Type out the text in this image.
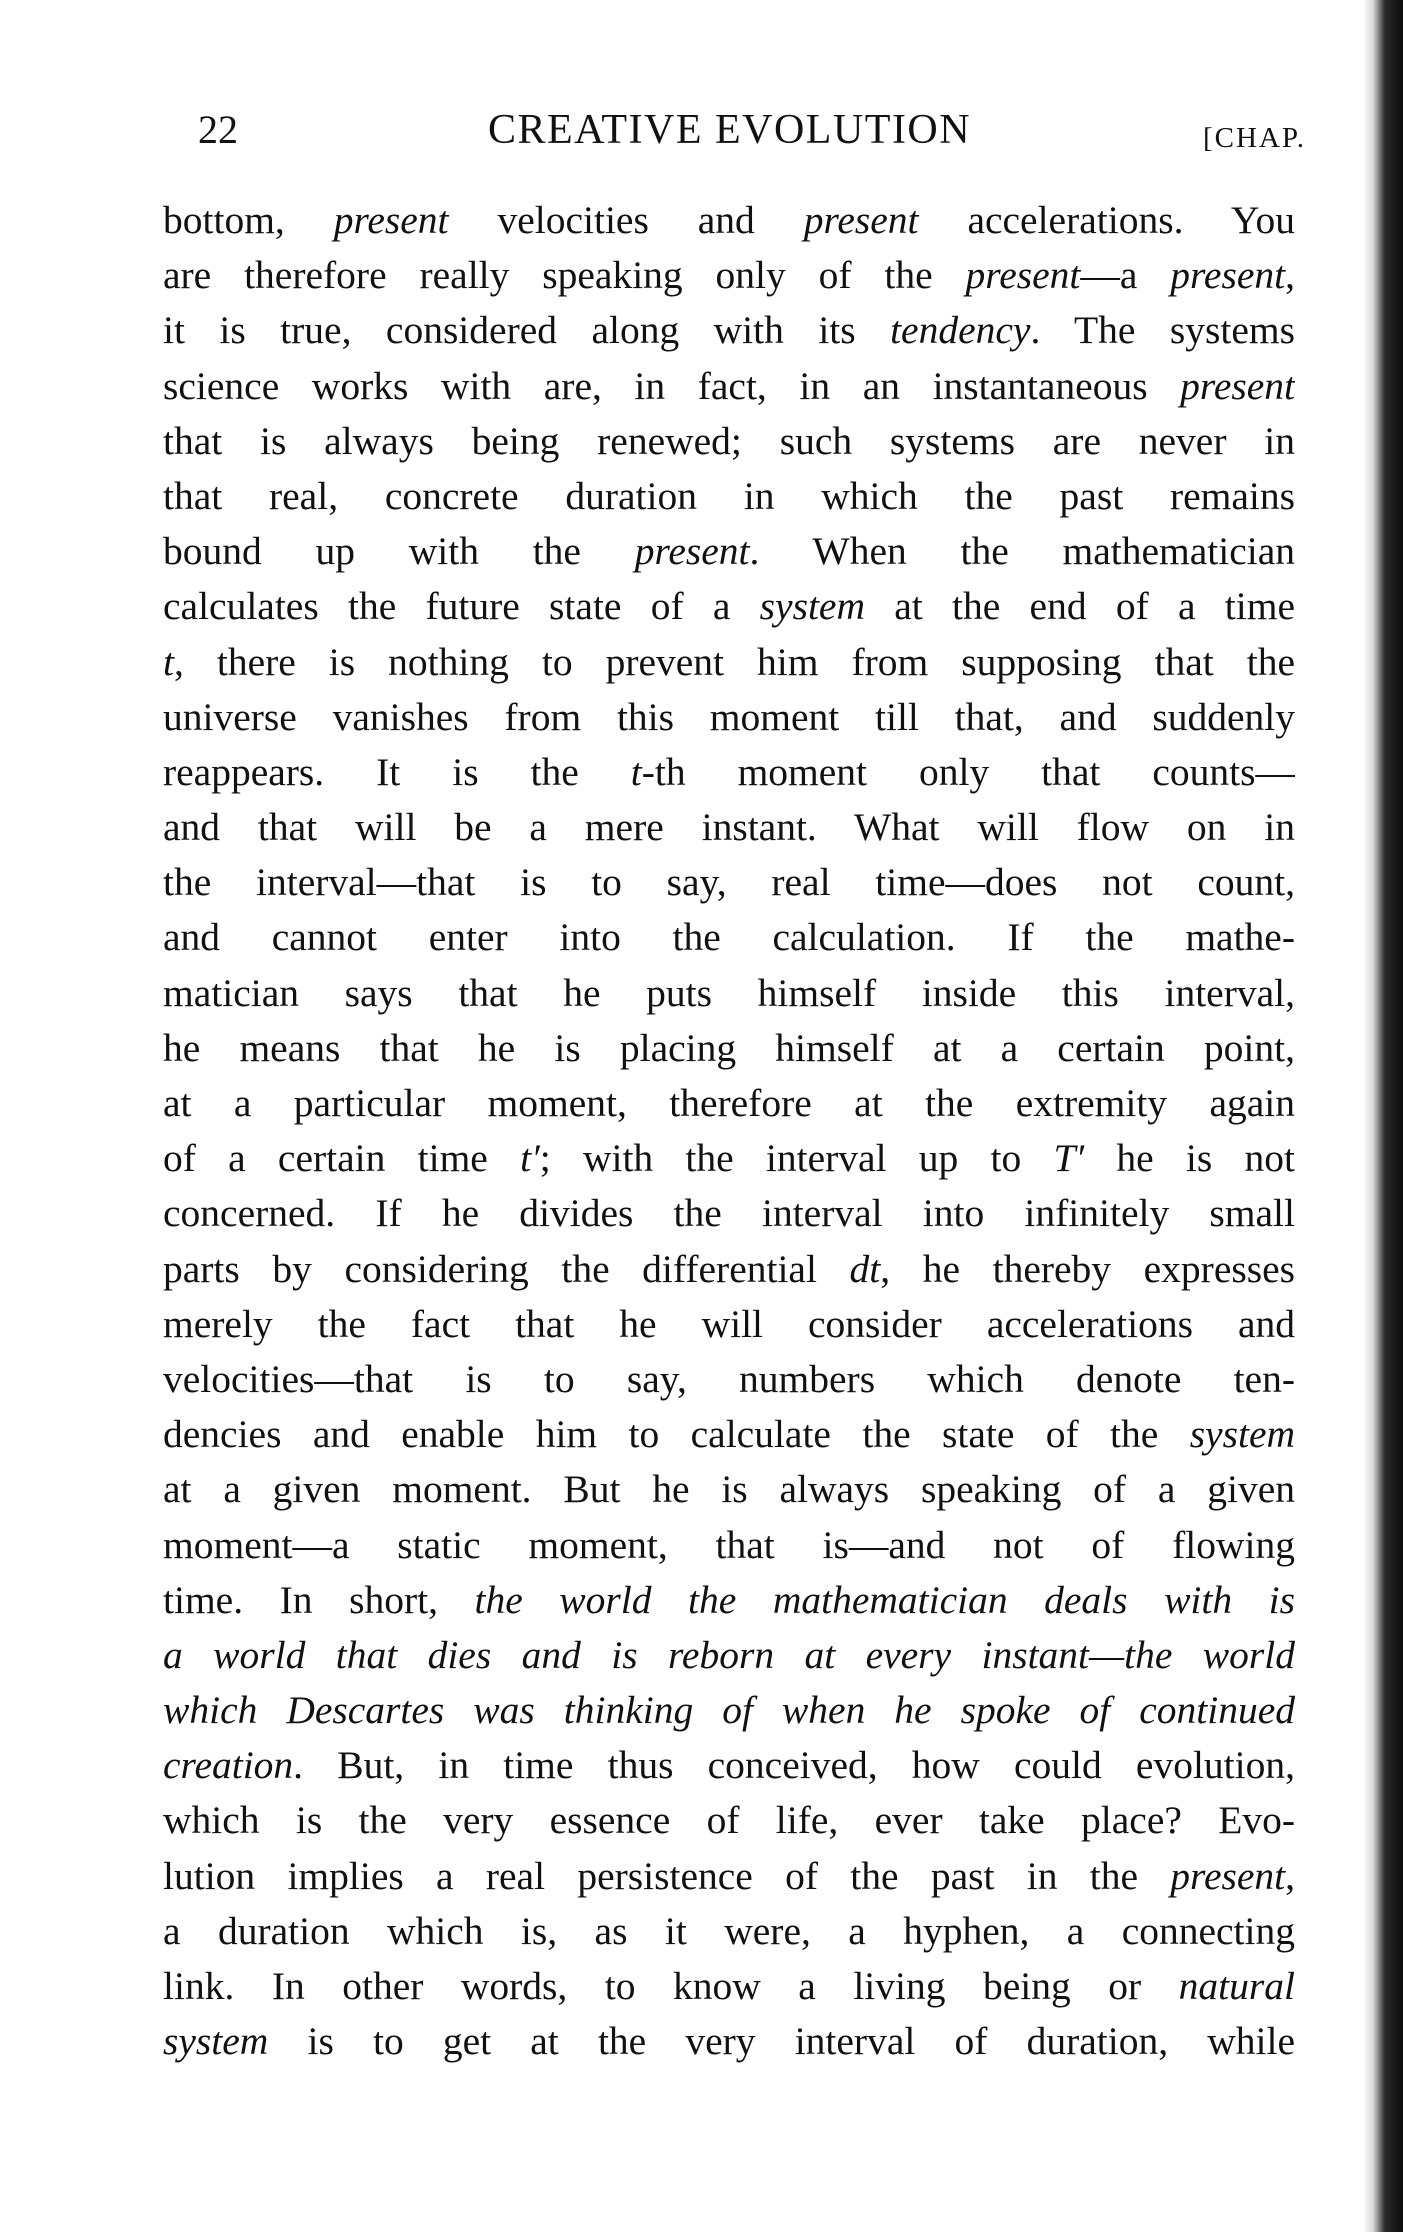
22	CREATIVE EVOLUTION	[CHAP.
bottom, present velocities and present accelerations. You
are therefore really speaking only of the present—a present,
it is true, considered along with its tendency. The systems
science works with are, in fact, in an instantaneous present
that is always being renewed; such systems are never in
that real, concrete duration in which the past remains
bound up with the present. When the mathematician
calculates the future state of a system at the end of a time
t, there is nothing to prevent him from supposing that the
universe vanishes from this moment till that, and suddenly
reappears. It is the t-th moment only that counts—
and that will be a mere instant. What will flow on in
the interval—that is to say, real time—does not count,
and cannot enter into the calculation. If the mathe-
matician says that he puts himself inside this interval,
he means that he is placing himself at a certain point,
at a particular moment, therefore at the extremity again
of a certain time t′; with the interval up to T′ he is not
concerned. If he divides the interval into infinitely small
parts by considering the differential dt, he thereby expresses
merely the fact that he will consider accelerations and
velocities—that is to say, numbers which denote ten-
dencies and enable him to calculate the state of the system
at a given moment. But he is always speaking of a given
moment—a static moment, that is—and not of flowing
time. In short, the world the mathematician deals with is
a world that dies and is reborn at every instant—the world
which Descartes was thinking of when he spoke of continued
creation. But, in time thus conceived, how could evolution,
which is the very essence of life, ever take place? Evo-
lution implies a real persistence of the past in the present,
a duration which is, as it were, a hyphen, a connecting
link. In other words, to know a living being or natural
system is to get at the very interval of duration, while
